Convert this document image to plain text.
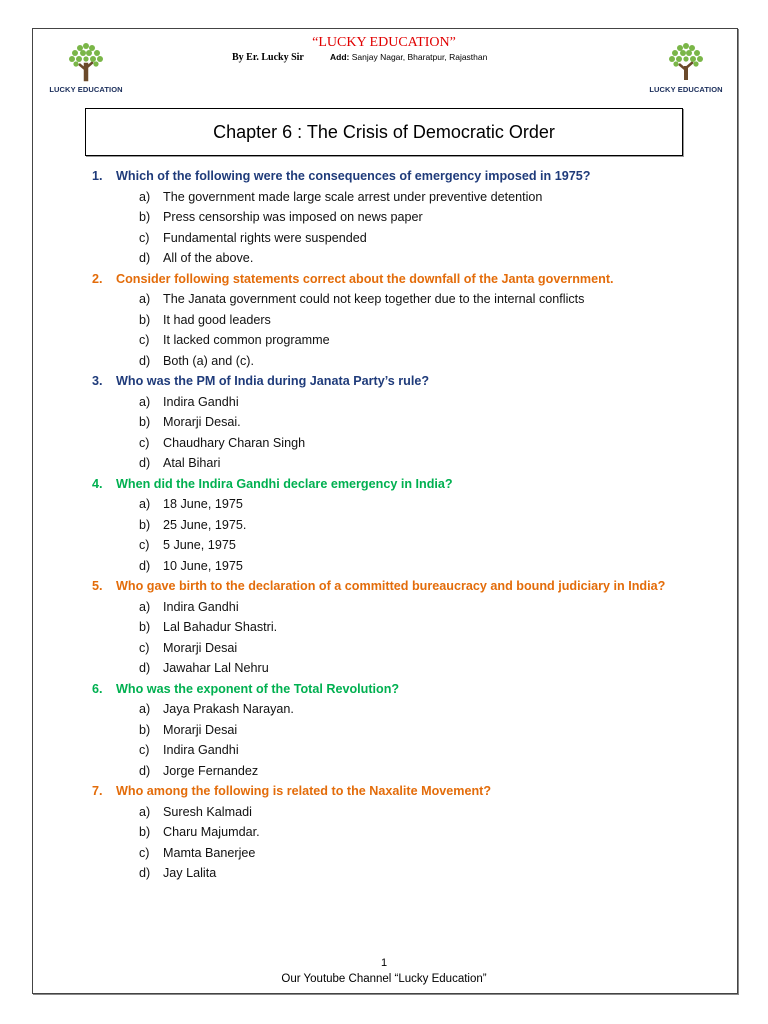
“LUCKY EDUCATION”
By Er. Lucky Sir	Add: Sanjay Nagar, Bharatpur, Rajasthan
LUCKY EDUCATION	LUCKY EDUCATION
Chapter 6 : The Crisis of Democratic Order
1.	Which of the following were the consequences of emergency imposed in 1975?
a)	The government made large scale arrest under preventive detention
b)	Press censorship was imposed on news paper
c)	Fundamental rights were suspended
d)	All of the above.
2.	Consider following statements correct about the downfall of the Janta government.
a)	The Janata government could not keep together due to the internal conflicts
b)	It had good leaders
c)	It lacked common programme
d)	Both (a) and (c).
3.	Who was the PM of India during Janata Party’s rule?
a)	Indira Gandhi
b)	Morarji Desai.
c)	Chaudhary Charan Singh
d)	Atal Bihari
4.	When did the Indira Gandhi declare emergency in India?
a)	18 June, 1975
b)	25 June, 1975.
c)	5 June, 1975
d)	10 June, 1975
5.	Who gave birth to the declaration of a committed bureaucracy and bound judiciary in India?
a)	Indira Gandhi
b)	Lal Bahadur Shastri.
c)	Morarji Desai
d)	Jawahar Lal Nehru
6.	Who was the exponent of the Total Revolution?
a)	Jaya Prakash Narayan.
b)	Morarji Desai
c)	Indira Gandhi
d)	Jorge Fernandez
7.	Who among the following is related to the Naxalite Movement?
a)	Suresh Kalmadi
b)	Charu Majumdar.
c)	Mamta Banerjee
d)	Jay Lalita
1
Our Youtube Channel “Lucky Education”
